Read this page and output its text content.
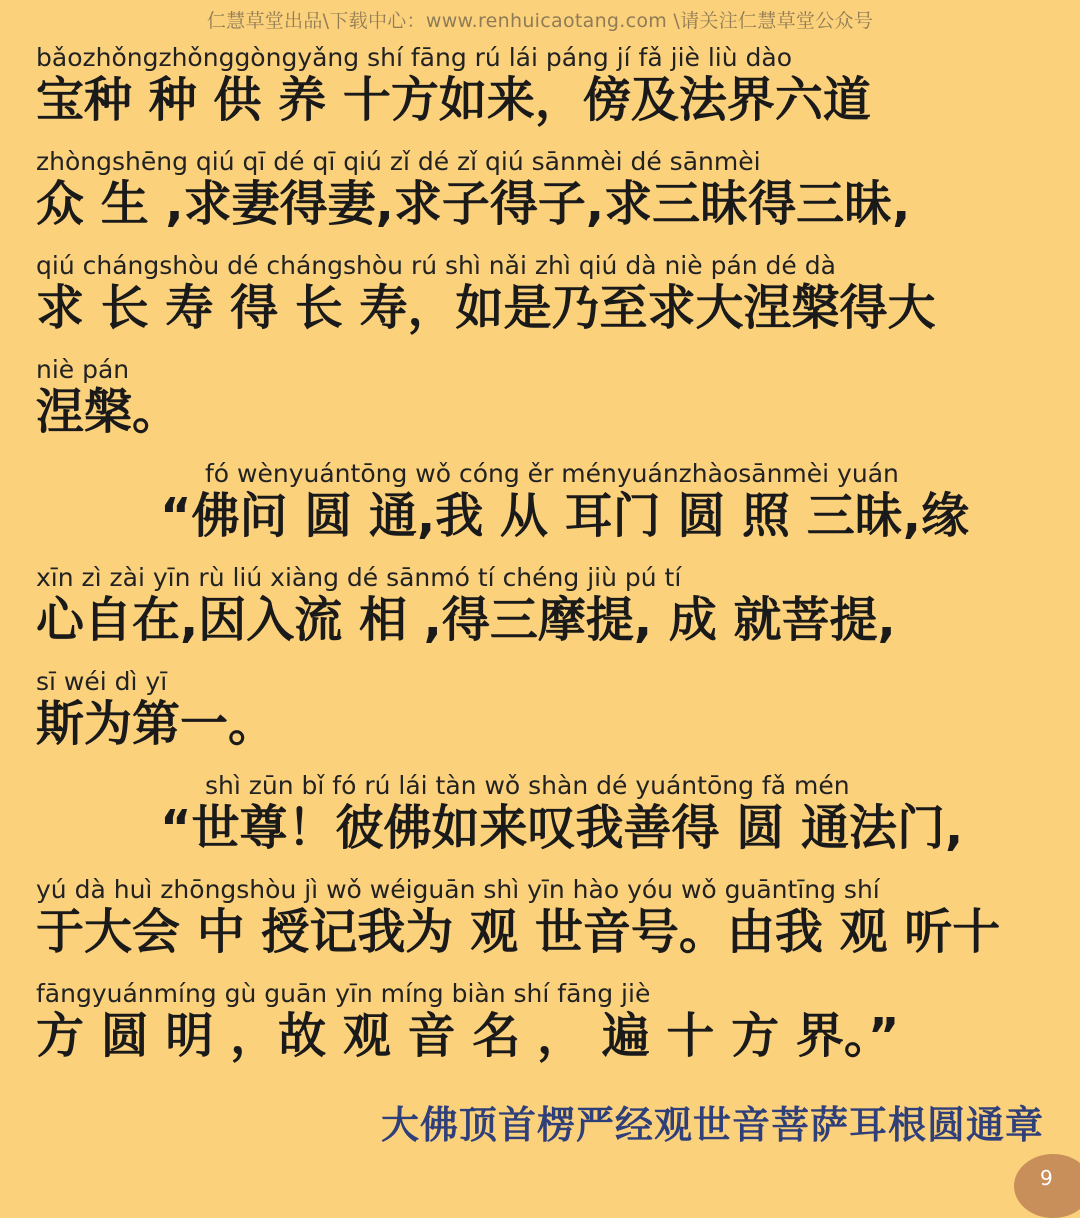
仁慧草堂出品\下载中心：www.renhuicaotang.com \请关注仁慧草堂公众号
bǎozhǒngzhǒnggòngyǎng shí fāng rú lái páng jí fǎ jiè liù dào
宝种 种 供 养 十方如来，傍及法界六道
zhòngshēng qiú qī dé qī qiú zǐ dé zǐ qiú sānmèi dé sānmèi
众 生 ,求妻得妻,求子得子,求三昧得三昧,
qiú chángshòu dé chángshòu rú shì nǎi zhì qiú dà niè pán dé dà
求 长 寿 得 长 寿，如是乃至求大涅槃得大
niè pán
涅槃。
fó wènyuántōng wǒ cóng ěr ményuánzhàosānmèi yuán
“佛问 圆 通,我 从 耳门 圆 照 三昧,缘
xīn zì zài yīn rù liú xiàng dé sānmó tí chéng jiù pú tí
心自在,因入流 相 ,得三摩提, 成 就菩提,
sī wéi dì yī
斯为第一。
shì zūn bǐ fó rú lái tàn wǒ shàn dé yuántōng fǎ mén
“世尊！彼佛如来叹我善得 圆 通法门,
yú dà huì zhōngshòu jì wǒ wéiguān shì yīn hào yóu wǒ guāntīng shí
于大会 中 授记我为 观 世音号。由我 观 听十
fāngyuánmíng gù guān yīn míng biàn shí fāng jiè
方 圆 明 ，故 观 音 名 ， 遍 十 方 界。”
大佛顶首楞严经观世音菩萨耳根圆通章
9
